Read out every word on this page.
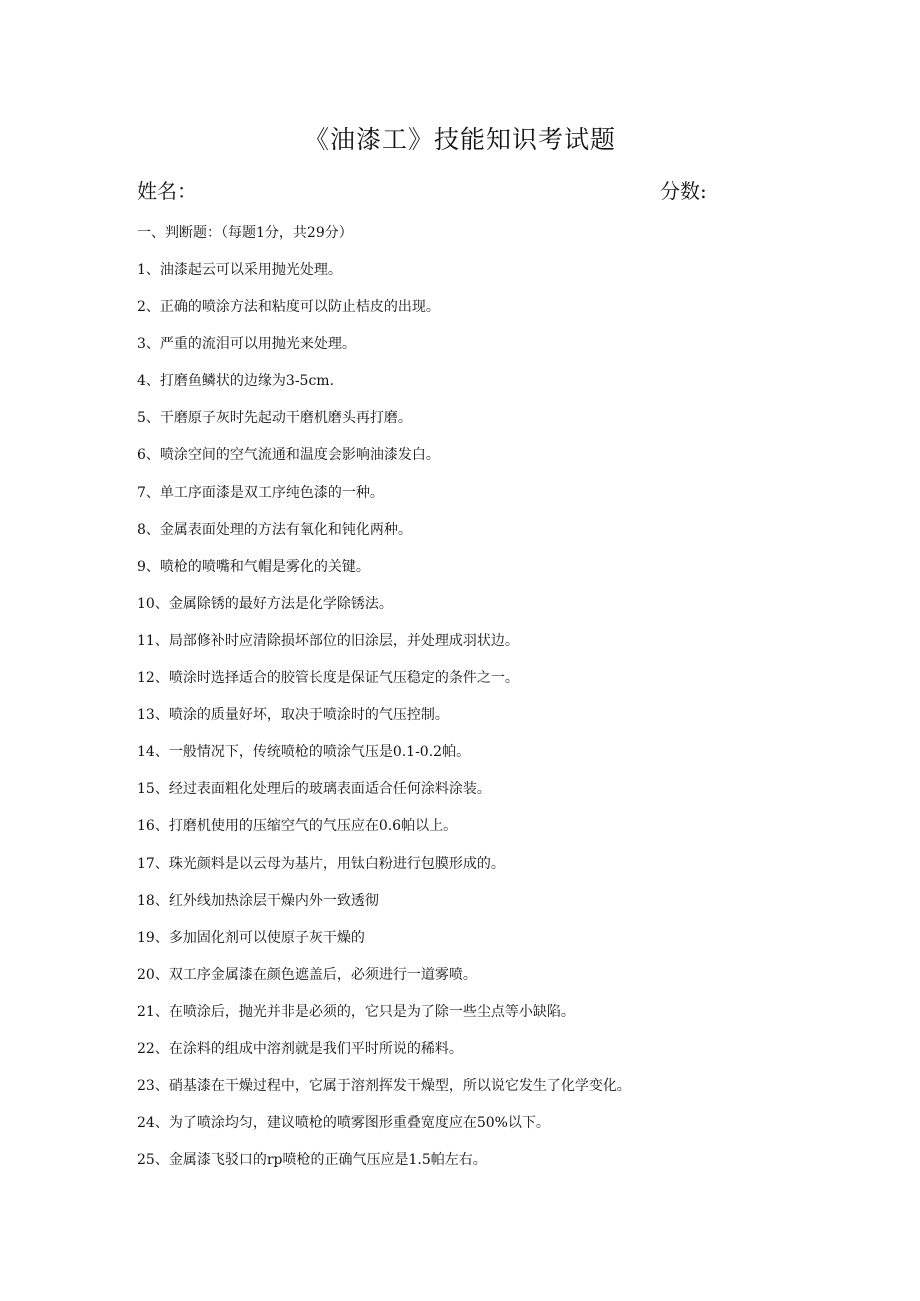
《油漆工》技能知识考试题
姓名：	分数:
一、判断题：（每题1分，共29分）
1、油漆起云可以采用抛光处理。
2、正确的喷涂方法和粘度可以防止桔皮的出现。
3、严重的流泪可以用抛光来处理。
4、打磨鱼鳞状的边缘为3-5cm.
5、干磨原子灰时先起动干磨机磨头再打磨。
6、喷涂空间的空气流通和温度会影响油漆发白。
7、单工序面漆是双工序纯色漆的一种。
8、金属表面处理的方法有氧化和钝化两种。
9、喷枪的喷嘴和气帽是雾化的关键。
10、金属除锈的最好方法是化学除锈法。
11、局部修补时应清除损坏部位的旧涂层，并处理成羽状边。
12、喷涂时选择适合的胶管长度是保证气压稳定的条件之一。
13、喷涂的质量好坏，取决于喷涂时的气压控制。
14、一般情况下，传统喷枪的喷涂气压是0.1-0.2帕。
15、经过表面粗化处理后的玻璃表面适合任何涂料涂装。
16、打磨机使用的压缩空气的气压应在0.6帕以上。
17、珠光颜料是以云母为基片，用钛白粉进行包膜形成的。
18、红外线加热涂层干燥内外一致透彻
19、多加固化剂可以使原子灰干燥的
20、双工序金属漆在颜色遮盖后，必须进行一道雾喷。
21、在喷涂后，抛光并非是必须的，它只是为了除一些尘点等小缺陷。
22、在涂料的组成中溶剂就是我们平时所说的稀料。
23、硝基漆在干燥过程中，它属于溶剂挥发干燥型，所以说它发生了化学变化。
24、为了喷涂均匀，建议喷枪的喷雾图形重叠宽度应在50%以下。
25、金属漆飞驳口的rp喷枪的正确气压应是1.5帕左右。
